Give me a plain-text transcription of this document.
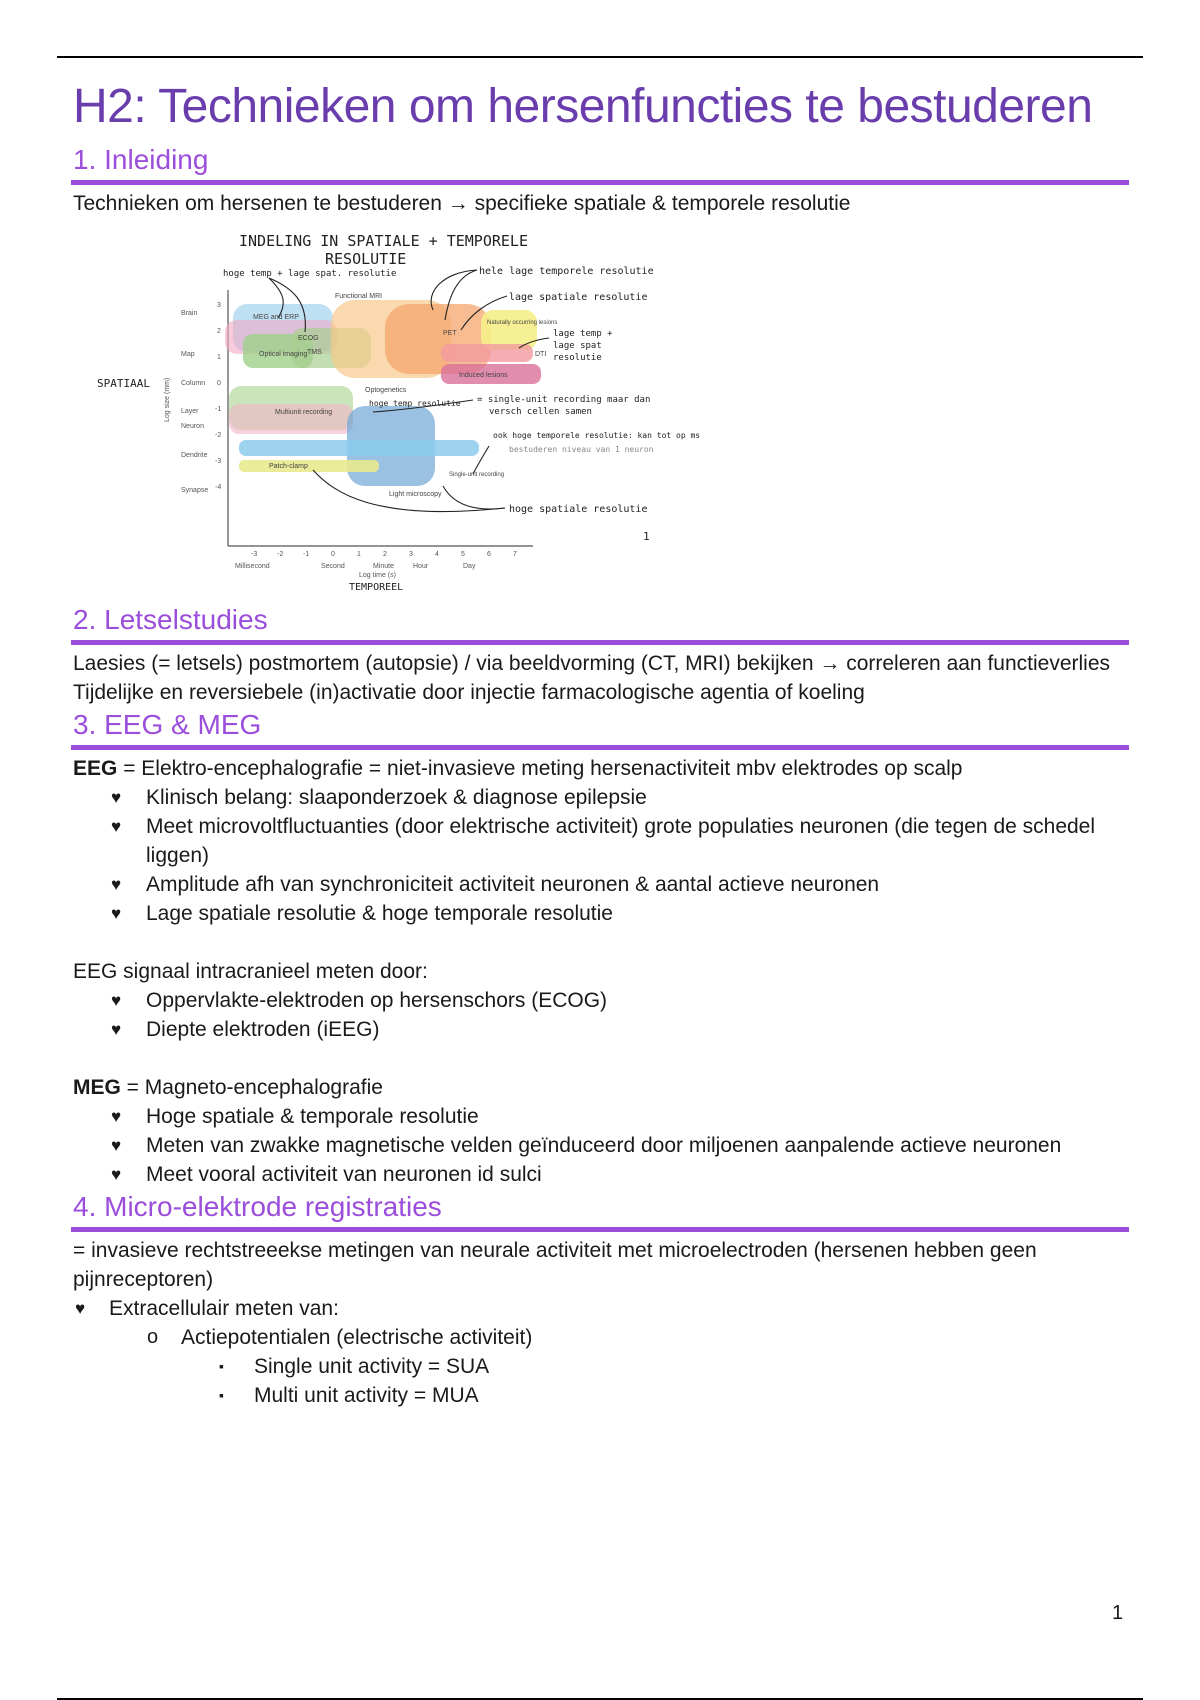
H2: Technieken om hersenfuncties te bestuderen
1. Inleiding

Technieken om hersenen te bestuderen → specifieke spatiale & temporele resolutie

INDELING IN SPATIALE + TEMPORELE
RESOLUTIE
MEG and ERP
ECOG
Functional MRI
PET
Naturally occurring lesions
Optical imaging TMS	DTI
Induced lesions
Optogenetics
Multiunit recording
Patch-clamp
Single-unit recording
Light microscopy
Brain
Map
Column
Layer
Neuron
Dendrite
Synapse
3
2
1
0
-1
-2
-3
-4
Log size (mm)
SPATIAAL
-3	-2	-1	0	1	2	3	4	5	6	7
Millisecond	Second	Minute	Hour	Day
Log time (s)
TEMPOREEL
hoge temp + lage spat. resolutie	hele lage temporele resolutie
lage spatiale resolutie
lage temp +
lage spat
resolutie
= single-unit recording maar dan
versch cellen samen
hoge temp resolutie
ook hoge temporele resolutie: kan tot op ms
bestuderen niveau van 1 neuron
hoge spatiale resolutie
1
2. Letselstudies

Laesies (= letsels) postmortem (autopsie) / via beeldvorming (CT, MRI) bekijken → correleren aan functieverlies

Tijdelijke en reversiebele (in)activatie door injectie farmacologische agentia of koeling

3. EEG & MEG

EEG = Elektro-encephalografie = niet-invasieve meting hersenactiviteit mbv elektrodes op scalp

♥ Klinisch belang: slaaponderzoek & diagnose epilepsie
♥ Meet microvoltfluctuanties (door elektrische activiteit) grote populaties neuronen (die tegen de schedel liggen)
♥ Amplitude afh van synchroniciteit activiteit neuronen & aantal actieve neuronen
♥ Lage spatiale resolutie & hoge temporale resolutie

EEG signaal intracranieel meten door:

♥ Oppervlakte-elektroden op hersenschors (ECOG)
♥ Diepte elektroden (iEEG)

MEG = Magneto-encephalografie

♥ Hoge spatiale & temporale resolutie
♥ Meten van zwakke magnetische velden geïnduceerd door miljoenen aanpalende actieve neuronen
♥ Meet vooral activiteit van neuronen id sulci
4. Micro-elektrode registraties

= invasieve rechtstreeekse metingen van neurale activiteit met microelectroden (hersenen hebben geen pijnreceptoren)

♥ Extracellulair meten van:
o Actiepotentialen (electrische activiteit)
▪ Single unit activity = SUA
▪ Multi unit activity = MUA
1
